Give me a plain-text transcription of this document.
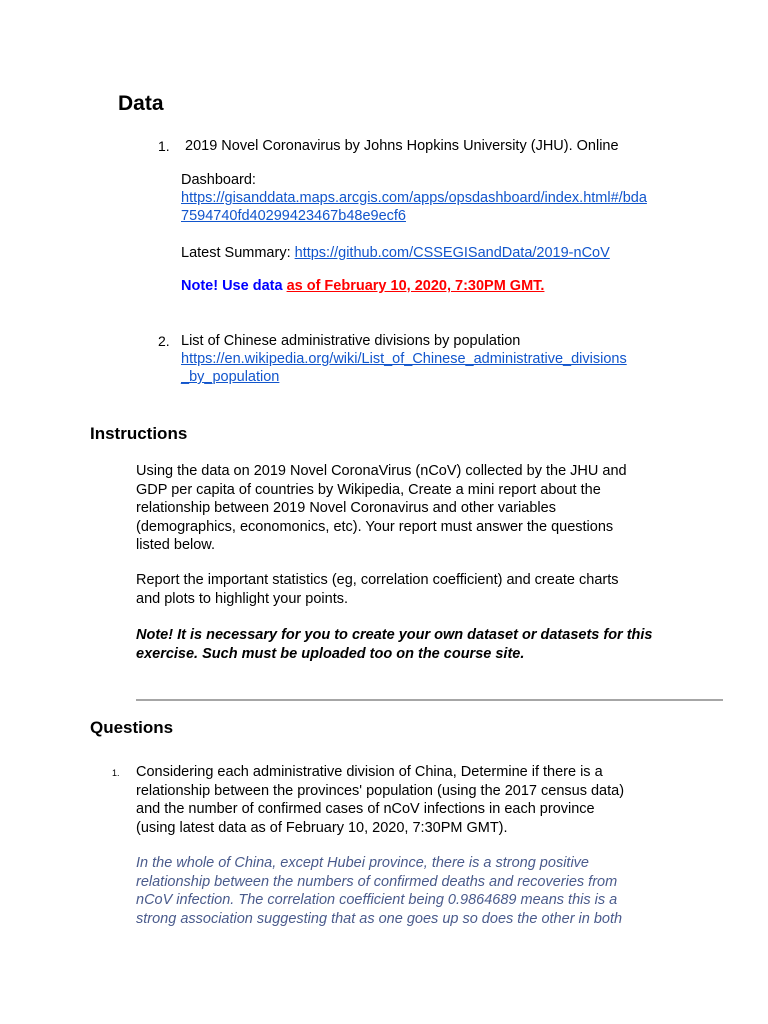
Data
1. 2019 Novel Coronavirus by Johns Hopkins University (JHU). Online
Dashboard:
https://gisanddata.maps.arcgis.com/apps/opsdashboard/index.html#/bda
7594740fd40299423467b48e9ecf6
Latest Summary: https://github.com/CSSEGISandData/2019-nCoV
Note! Use data as of February 10, 2020, 7:30PM GMT.
2. List of Chinese administrative divisions by population
https://en.wikipedia.org/wiki/List_of_Chinese_administrative_divisions
_by_population
Instructions
Using the data on 2019 Novel CoronaVirus (nCoV) collected by the JHU and
GDP per capita of countries by Wikipedia, Create a mini report about the
relationship between 2019 Novel Coronavirus and other variables
(demographics, economonics, etc). Your report must answer the questions
listed below.
Report the important statistics (eg, correlation coefficient) and create charts
and plots to highlight your points.
Note! It is necessary for you to create your own dataset or datasets for this
exercise. Such must be uploaded too on the course site.
Questions
1. Considering each administrative division of China, Determine if there is a
relationship between the provinces' population (using the 2017 census data)
and the number of confirmed cases of nCoV infections in each province
(using latest data as of February 10, 2020, 7:30PM GMT).
In the whole of China, except Hubei province, there is a strong positive
relationship between the numbers of confirmed deaths and recoveries from
nCoV infection. The correlation coefficient being 0.9864689 means this is a
strong association suggesting that as one goes up so does the other in both
